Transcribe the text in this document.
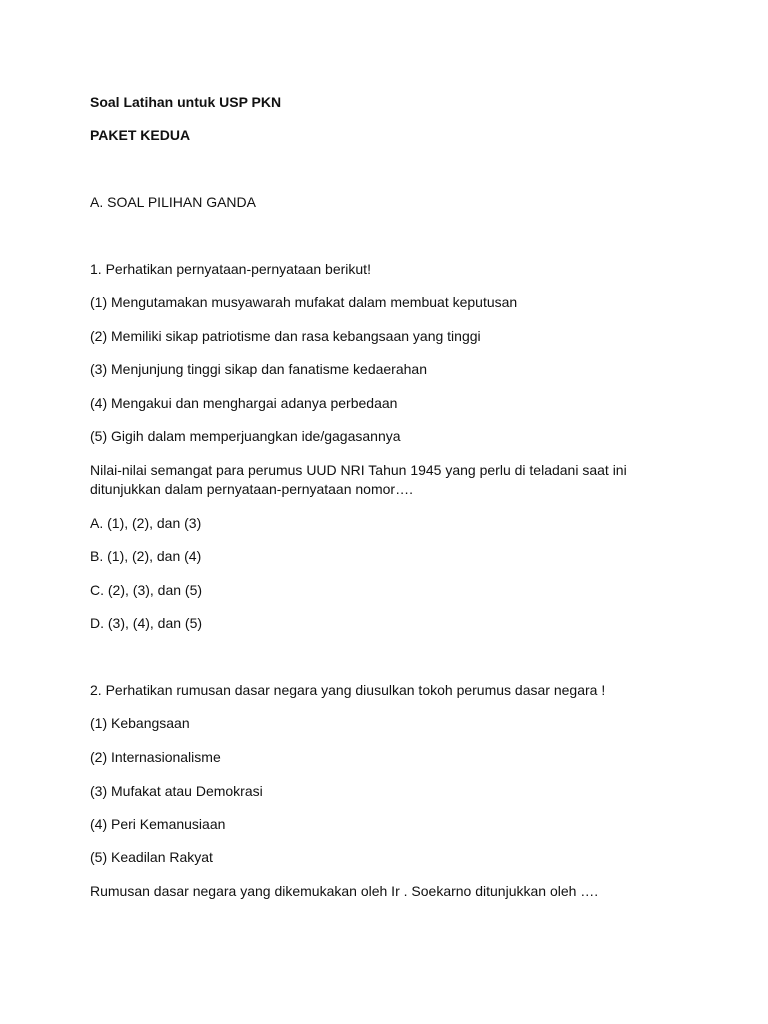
Soal Latihan untuk USP PKN
PAKET KEDUA
A. SOAL PILIHAN GANDA
1. Perhatikan pernyataan-pernyataan berikut!
(1) Mengutamakan musyawarah mufakat dalam membuat keputusan
(2) Memiliki sikap patriotisme dan rasa kebangsaan yang tinggi
(3) Menjunjung tinggi sikap dan fanatisme kedaerahan
(4) Mengakui dan menghargai adanya perbedaan
(5) Gigih dalam memperjuangkan ide/gagasannya
Nilai-nilai semangat para perumus UUD NRI Tahun 1945 yang perlu di teladani saat ini
ditunjukkan dalam pernyataan-pernyataan nomor….
A. (1), (2), dan (3)
B. (1), (2), dan (4)
C. (2), (3), dan (5)
D. (3), (4), dan (5)
2. Perhatikan rumusan dasar negara yang diusulkan tokoh perumus dasar negara !
(1) Kebangsaan
(2) Internasionalisme
(3) Mufakat atau Demokrasi
(4) Peri Kemanusiaan
(5) Keadilan Rakyat
Rumusan dasar negara yang dikemukakan oleh Ir . Soekarno ditunjukkan oleh ….
